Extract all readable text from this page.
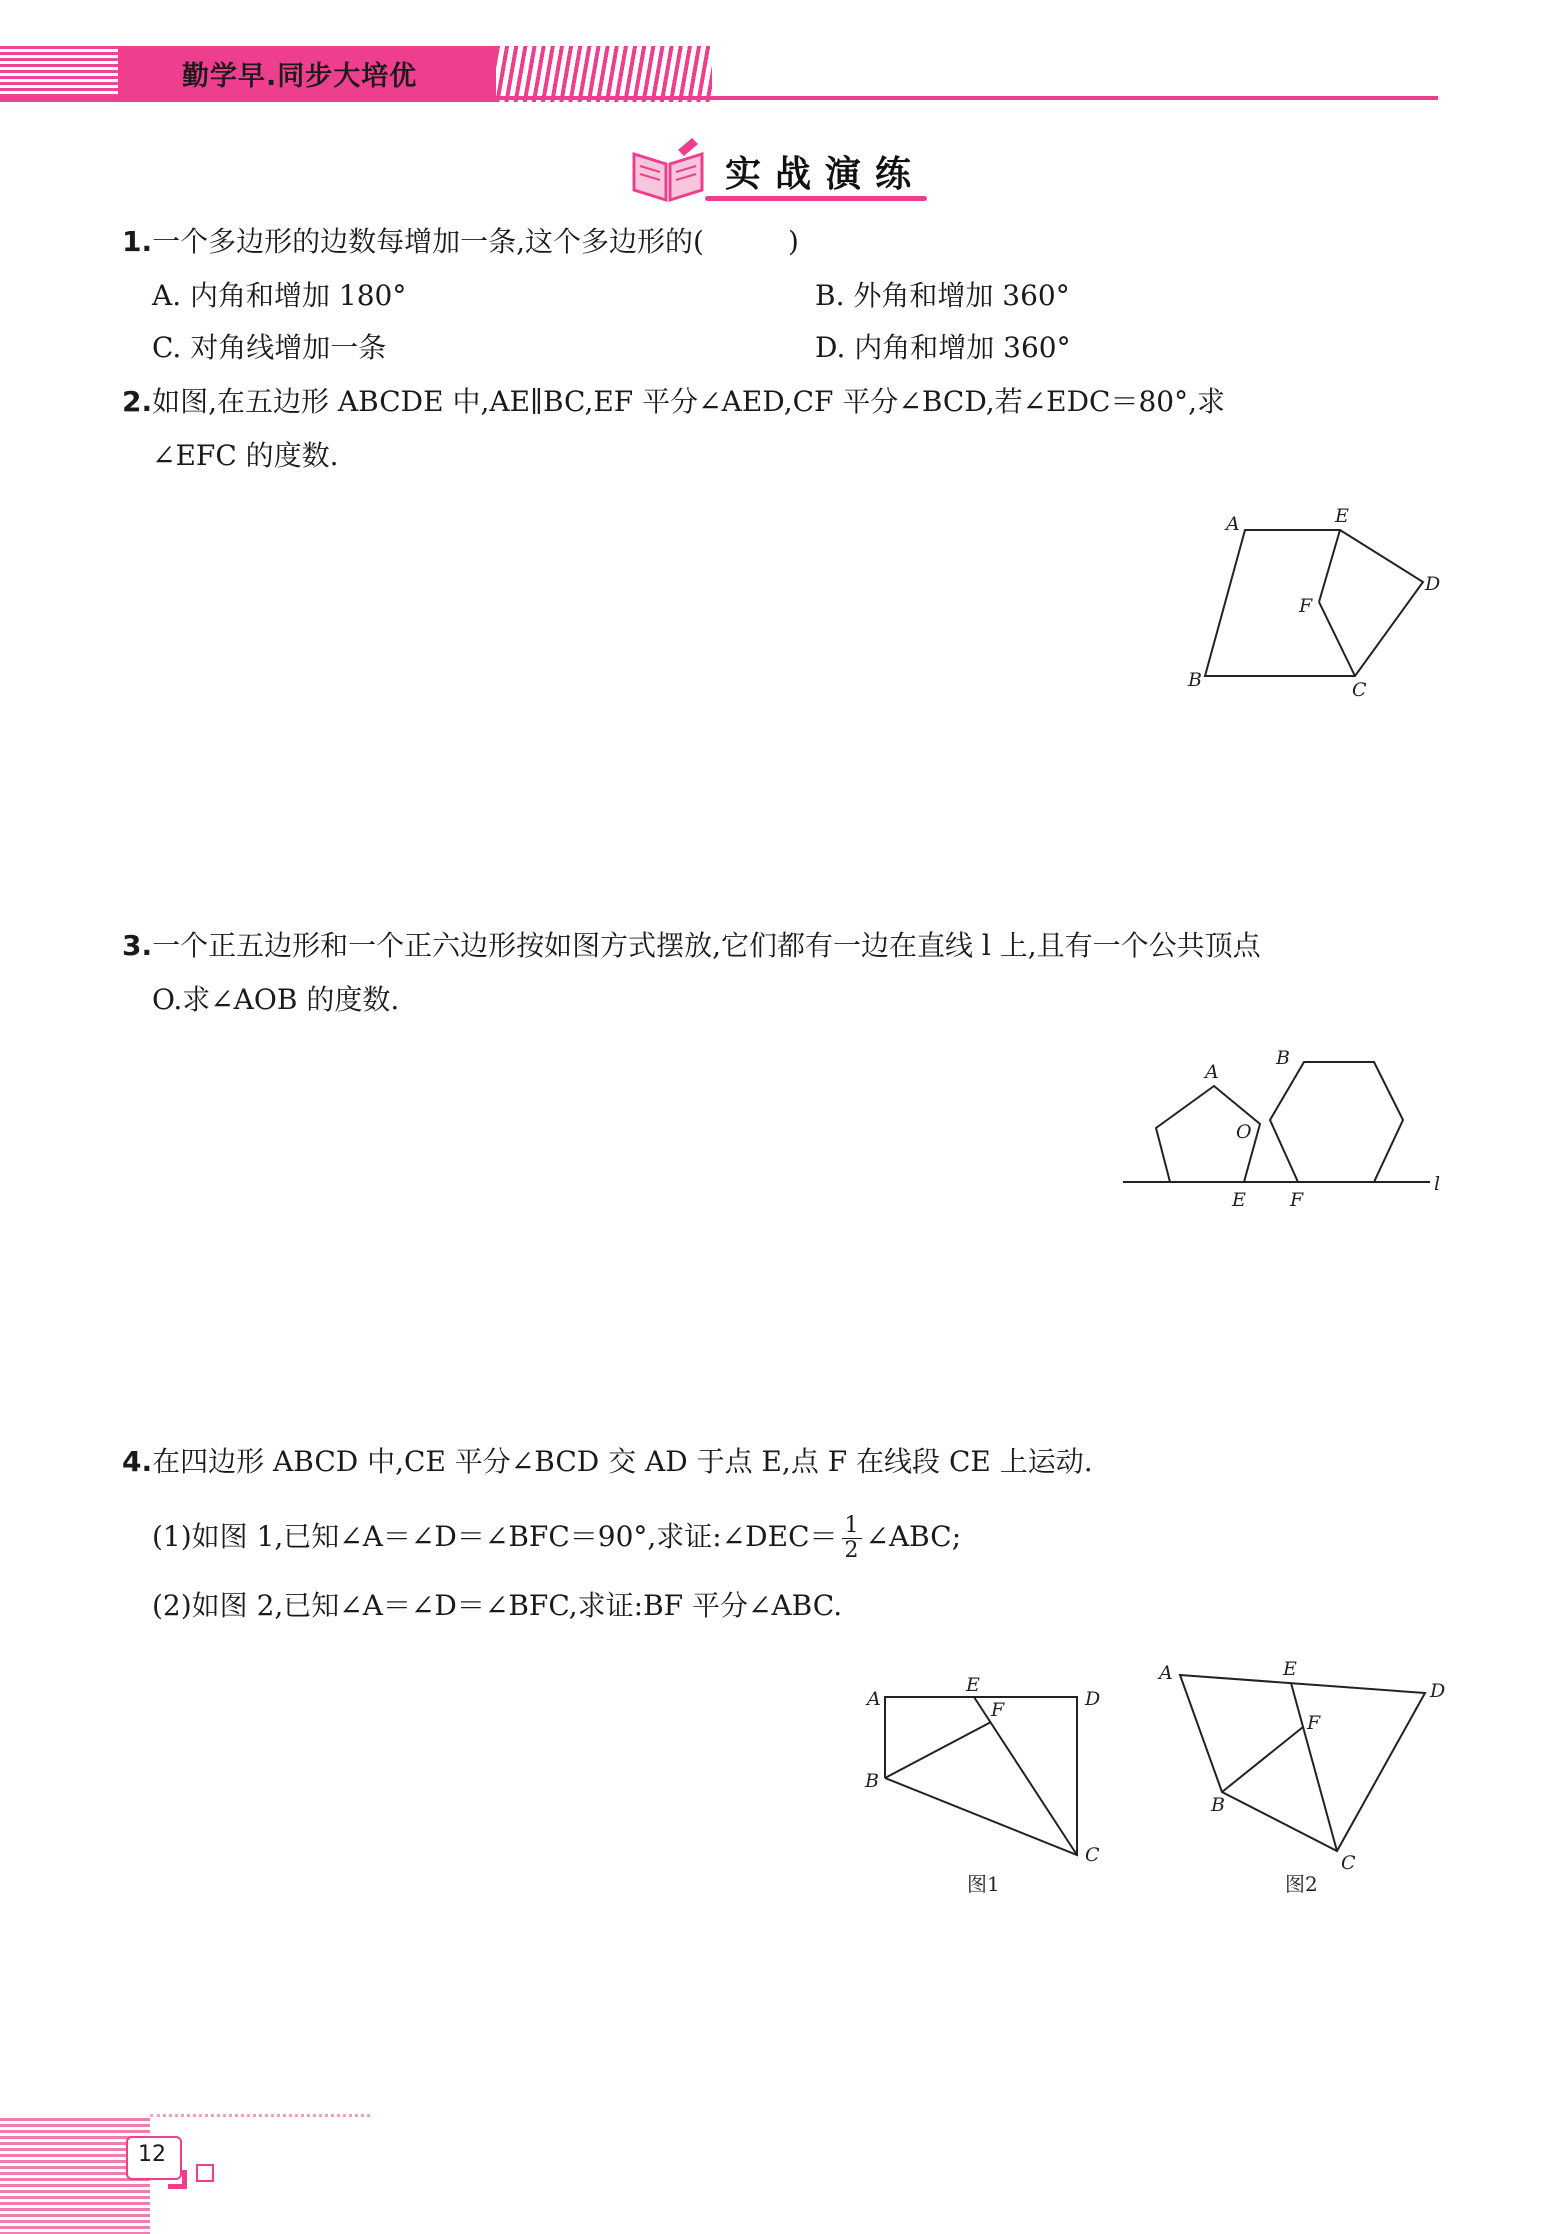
勤学早.同步大培优
实战演练
1.一个多边形的边数每增加一条,这个多边形的(　　　)
A. 内角和增加 180°	B. 外角和增加 360°
C. 对角线增加一条	D. 内角和增加 360°
2.如图,在五边形 ABCDE 中,AE∥BC,EF 平分∠AED,CF 平分∠BCD,若∠EDC＝80°,求
∠EFC 的度数.
A	E
D
F
B	C
3.一个正五边形和一个正六边形按如图方式摆放,它们都有一边在直线 l 上,且有一个公共顶点
O.求∠AOB 的度数.
A
B
O
E F
l
4.在四边形 ABCD 中,CE 平分∠BCD 交 AD 于点 E,点 F 在线段 CE 上运动.
(1)如图 1,已知∠A＝∠D＝∠BFC＝90°,求证:∠DEC＝ $\frac{1}{2}$ ∠ABC;
(2)如图 2,已知∠A＝∠D＝∠BFC,求证:BF 平分∠ABC.
A
E
F	D
B
C
图1
A	E
F
D
B
C
图2
12
